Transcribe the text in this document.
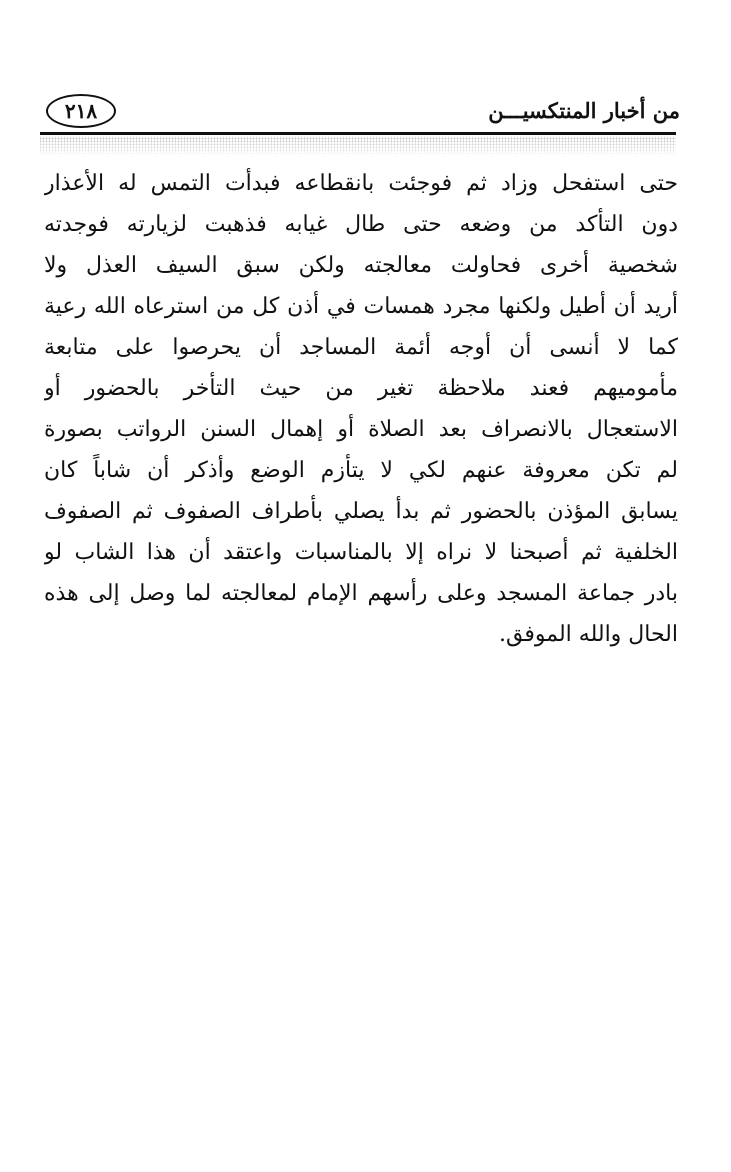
من أخبار المنتكسيـــن
٢١٨
حتى استفحل وزاد ثم فوجئت بانقطاعه فبدأت التمس له الأعذار
دون التأكد من وضعه حتى طال غيابه فذهبت لزيارته فوجدته
شخصية أخرى فحاولت معالجته ولكن سبق السيف العذل ولا
أريد أن أطيل ولكنها مجرد همسات في أذن كل من استرعاه الله رعية
كما لا أنسى أن أوجه أئمة المساجد أن يحرصوا على متابعة
مأموميهم فعند ملاحظة تغير من حيث التأخر بالحضور أو
الاستعجال بالانصراف بعد الصلاة أو إهمال السنن الرواتب بصورة
لم تكن معروفة عنهم لكي لا يتأزم الوضع وأذكر أن شاباً كان
يسابق المؤذن بالحضور ثم بدأ يصلي بأطراف الصفوف ثم الصفوف
الخلفية ثم أصبحنا لا نراه إلا بالمناسبات واعتقد أن هذا الشاب لو
بادر جماعة المسجد وعلى رأسهم الإمام لمعالجته لما وصل إلى هذه
الحال والله الموفق.
